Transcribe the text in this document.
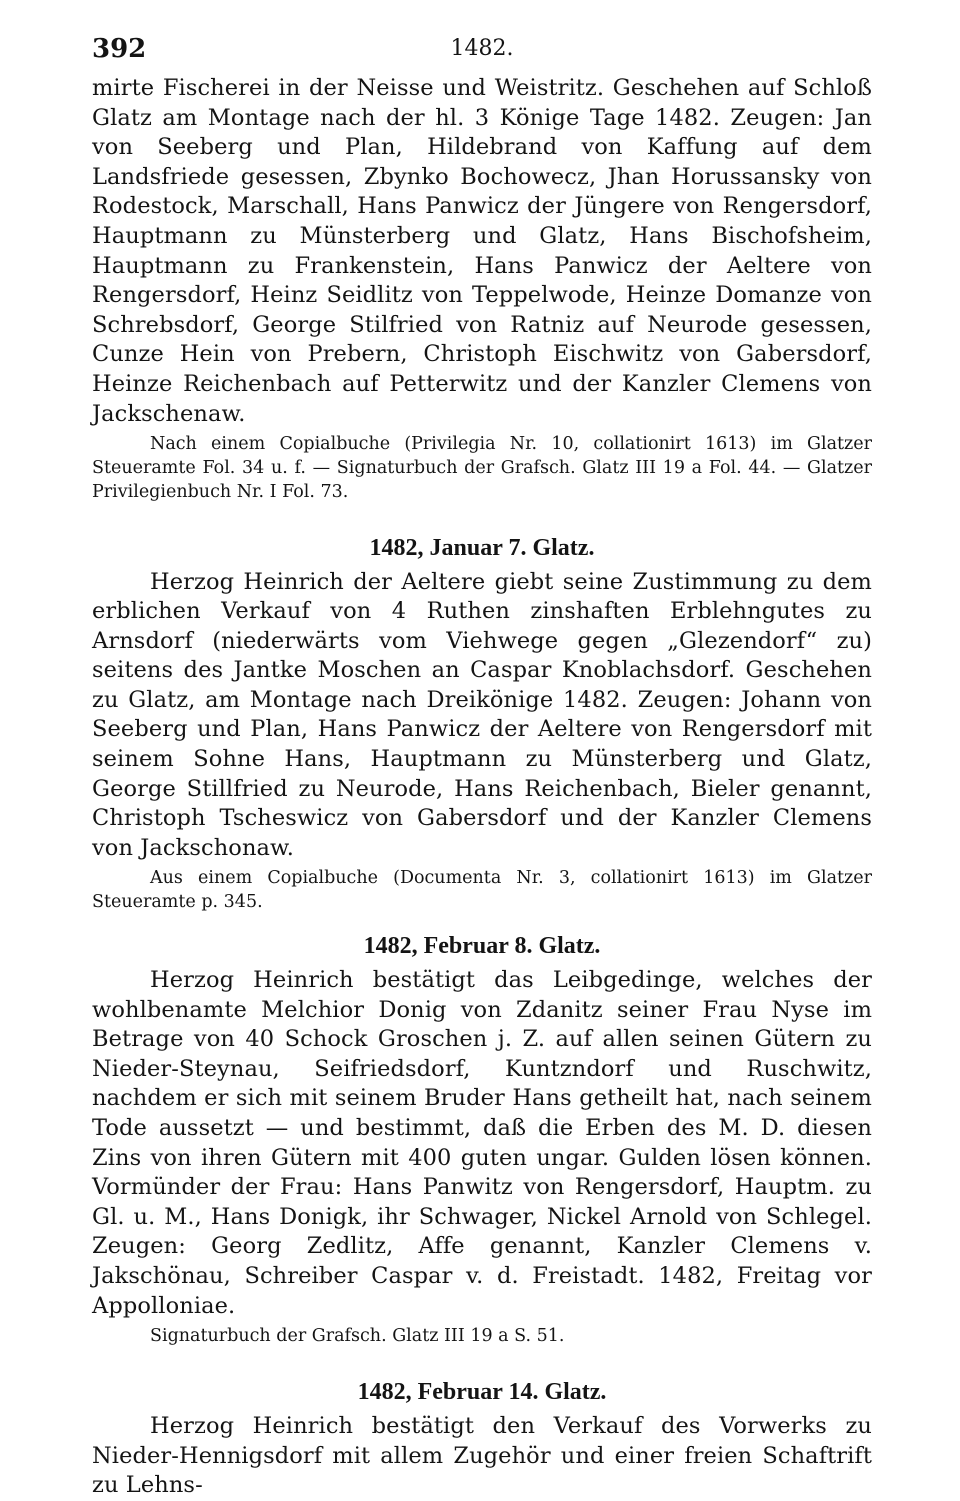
392	1482.

mirte Fischerei in der Neisse und Weistritz. Geschehen auf Schloß Glatz am Montage nach der hl. 3 Könige Tage 1482. Zeugen: Jan von Seeberg und Plan, Hildebrand von Kaffung auf dem Landsfriede gesessen, Zbynko Bochowecz, Jhan Horussansky von Rodestock, Marschall, Hans Panwicz der Jüngere von Rengersdorf, Hauptmann zu Münsterberg und Glatz, Hans Bischofsheim, Hauptmann zu Frankenstein, Hans Panwicz der Aeltere von Rengersdorf, Heinz Seidlitz von Teppelwode, Heinze Domanze von Schrebsdorf, George Stilfried von Ratniz auf Neurode gesessen, Cunze Hein von Prebern, Christoph Eischwitz von Gabersdorf, Heinze Reichenbach auf Petterwitz und der Kanzler Clemens von Jackschenaw.

Nach einem Copialbuche (Privilegia Nr. 10, collationirt 1613) im Glatzer Steueramte Fol. 34 u. f. — Signaturbuch der Grafsch. Glatz III 19 a Fol. 44. — Glatzer Privilegienbuch Nr. I Fol. 73.

1482, Januar 7. Glatz.

Herzog Heinrich der Aeltere giebt seine Zustimmung zu dem erblichen Verkauf von 4 Ruthen zinshaften Erblehngutes zu Arnsdorf (niederwärts vom Viehwege gegen „Glezendorf“ zu) seitens des Jantke Moschen an Caspar Knoblachsdorf. Geschehen zu Glatz, am Montage nach Dreikönige 1482. Zeugen: Johann von Seeberg und Plan, Hans Panwicz der Aeltere von Rengersdorf mit seinem Sohne Hans, Hauptmann zu Münsterberg und Glatz, George Stillfried zu Neurode, Hans Reichenbach, Bieler genannt, Christoph Tscheswicz von Gabersdorf und der Kanzler Clemens von Jackschonaw.

Aus einem Copialbuche (Documenta Nr. 3, collationirt 1613) im Glatzer Steueramte p. 345.

1482, Februar 8. Glatz.

Herzog Heinrich bestätigt das Leibgedinge, welches der wohlbenamte Melchior Donig von Zdanitz seiner Frau Nyse im Betrage von 40 Schock Groschen j. Z. auf allen seinen Gütern zu Nieder-Steynau, Seifriedsdorf, Kuntzndorf und Ruschwitz, nachdem er sich mit seinem Bruder Hans getheilt hat, nach seinem Tode aussetzt — und bestimmt, daß die Erben des M. D. diesen Zins von ihren Gütern mit 400 guten ungar. Gulden lösen können. Vormünder der Frau: Hans Panwitz von Rengersdorf, Hauptm. zu Gl. u. M., Hans Donigk, ihr Schwager, Nickel Arnold von Schlegel. Zeugen: Georg Zedlitz, Affe genannt, Kanzler Clemens v. Jakschönau, Schreiber Caspar v. d. Freistadt. 1482, Freitag vor Appolloniae.

Signaturbuch der Grafsch. Glatz III 19 a S. 51.

1482, Februar 14. Glatz.

Herzog Heinrich bestätigt den Verkauf des Vorwerks zu Nieder-Hennigsdorf mit allem Zugehör und einer freien Schaftrift zu Lehns-
